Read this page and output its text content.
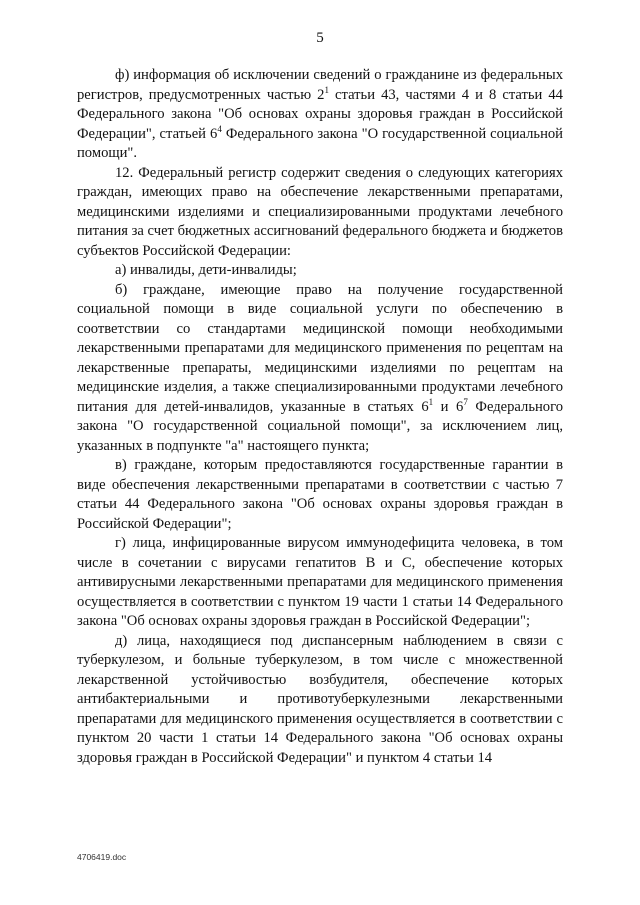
5

ф) информация об исключении сведений о гражданине из федеральных регистров, предусмотренных частью $2^1$ статьи 43, частями 4 и 8 статьи 44 Федерального закона "Об основах охраны здоровья граждан в Российской Федерации", статьей $6^4$ Федерального закона "О государственной социальной помощи".

12. Федеральный регистр содержит сведения о следующих категориях граждан, имеющих право на обеспечение лекарственными препаратами, медицинскими изделиями и специализированными продуктами лечебного питания за счет бюджетных ассигнований федерального бюджета и бюджетов субъектов Российской Федерации:

а) инвалиды, дети-инвалиды;

б) граждане, имеющие право на получение государственной социальной помощи в виде социальной услуги по обеспечению в соответствии со стандартами медицинской помощи необходимыми лекарственными препаратами для медицинского применения по рецептам на лекарственные препараты, медицинскими изделиями по рецептам на медицинские изделия, а также специализированными продуктами лечебного питания для детей-инвалидов, указанные в статьях $6^1$ и $6^7$ Федерального закона "О государственной социальной помощи", за исключением лиц, указанных в подпункте "а" настоящего пункта;

в) граждане, которым предоставляются государственные гарантии в виде обеспечения лекарственными препаратами в соответствии с частью 7 статьи 44 Федерального закона "Об основах охраны здоровья граждан в Российской Федерации";

г) лица, инфицированные вирусом иммунодефицита человека, в том числе в сочетании с вирусами гепатитов В и С, обеспечение которых антивирусными лекарственными препаратами для медицинского применения осуществляется в соответствии с пунктом 19 части 1 статьи 14 Федерального закона "Об основах охраны здоровья граждан в Российской Федерации";

д) лица, находящиеся под диспансерным наблюдением в связи с туберкулезом, и больные туберкулезом, в том числе с множественной лекарственной устойчивостью возбудителя, обеспечение которых антибактериальными и противотуберкулезными лекарственными препаратами для медицинского применения осуществляется в соответствии с пунктом 20 части 1 статьи 14 Федерального закона "Об основах охраны здоровья граждан в Российской Федерации" и пунктом 4 статьи 14

4706419.doc
